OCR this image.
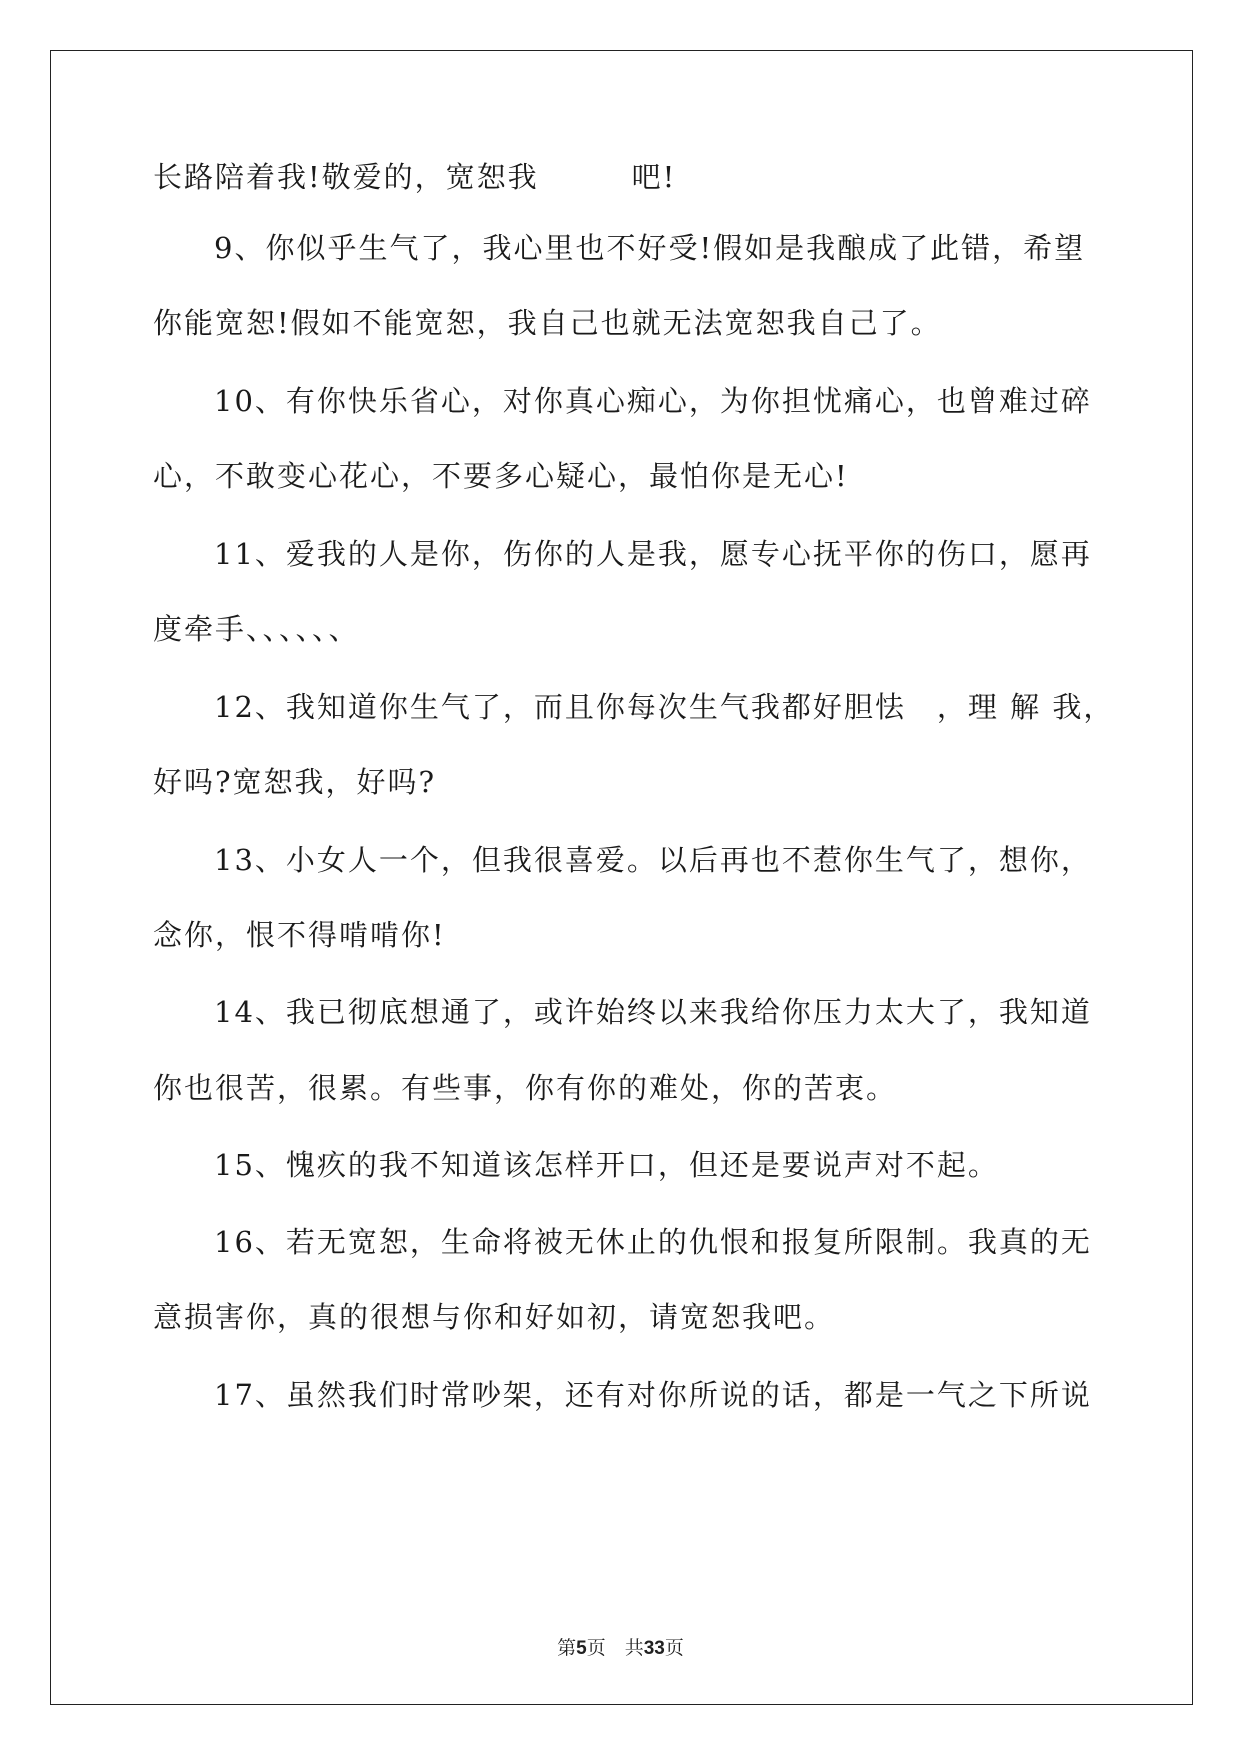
长路陪着我!敬爱的，宽恕我　　　吧!
9、你似乎生气了，我心里也不好受!假如是我酿成了此错，希望
你能宽恕!假如不能宽恕，我自己也就无法宽恕我自己了。
10、有你快乐省心，对你真心痴心，为你担忧痛心，也曾难过碎
心，不敢变心花心，不要多心疑心，最怕你是无心!
11、爱我的人是你，伤你的人是我，愿专心抚平你的伤口，愿再
度牵手、、、、、、
12、我知道你生气了，而且你每次生气我都好胆怯　，理 解 我，
好吗?宽恕我，好吗?
13、小女人一个，但我很喜爱。以后再也不惹你生气了，想你，
念你，恨不得啃啃你!
14、我已彻底想通了，或许始终以来我给你压力太大了，我知道
你也很苦，很累。有些事，你有你的难处，你的苦衷。
15、愧疚的我不知道该怎样开口，但还是要说声对不起。
16、若无宽恕，生命将被无休止的仇恨和报复所限制。我真的无
意损害你，真的很想与你和好如初，请宽恕我吧。
17、虽然我们时常吵架，还有对你所说的话，都是一气之下所说
第5页　 共33页
